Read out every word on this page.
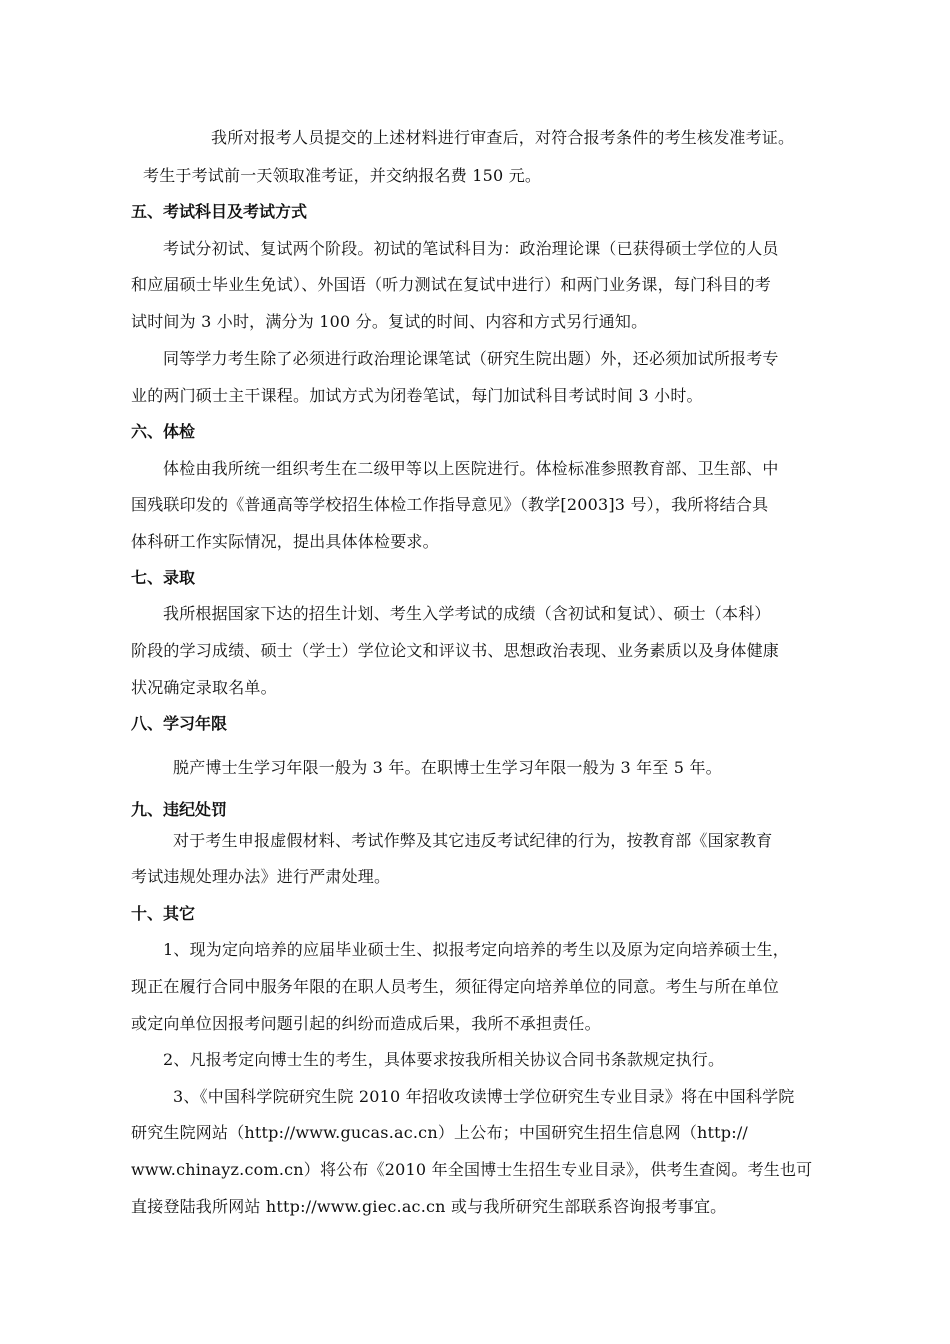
我所对报考人员提交的上述材料进行审查后，对符合报考条件的考生核发准考证。
考生于考试前一天领取准考证，并交纳报名费 150 元。
五、考试科目及考试方式
考试分初试、复试两个阶段。初试的笔试科目为：政治理论课（已获得硕士学位的人员
和应届硕士毕业生免试）、外国语（听力测试在复试中进行）和两门业务课，每门科目的考
试时间为 3 小时，满分为 100 分。复试的时间、内容和方式另行通知。
同等学力考生除了必须进行政治理论课笔试（研究生院出题）外，还必须加试所报考专
业的两门硕士主干课程。加试方式为闭卷笔试，每门加试科目考试时间 3 小时。
六、体检
体检由我所统一组织考生在二级甲等以上医院进行。体检标准参照教育部、卫生部、中
国残联印发的《普通高等学校招生体检工作指导意见》（教学[2003]3 号），我所将结合具
体科研工作实际情况，提出具体体检要求。
七、录取
我所根据国家下达的招生计划、考生入学考试的成绩（含初试和复试）、硕士（本科）
阶段的学习成绩、硕士（学士）学位论文和评议书、思想政治表现、业务素质以及身体健康
状况确定录取名单。
八、学习年限
脱产博士生学习年限一般为 3 年。在职博士生学习年限一般为 3 年至 5 年。
九、违纪处罚
对于考生申报虚假材料、考试作弊及其它违反考试纪律的行为，按教育部《国家教育
考试违规处理办法》进行严肃处理。
十、其它
1、现为定向培养的应届毕业硕士生、拟报考定向培养的考生以及原为定向培养硕士生，
现正在履行合同中服务年限的在职人员考生，须征得定向培养单位的同意。考生与所在单位
或定向单位因报考问题引起的纠纷而造成后果，我所不承担责任。
2、凡报考定向博士生的考生，具体要求按我所相关协议合同书条款规定执行。
3、《中国科学院研究生院 2010 年招收攻读博士学位研究生专业目录》将在中国科学院
研究生院网站（http://www.gucas.ac.cn）上公布；中国研究生招生信息网（http://
www.chinayz.com.cn）将公布《2010 年全国博士生招生专业目录》，供考生查阅。考生也可
直接登陆我所网站 http://www.giec.ac.cn 或与我所研究生部联系咨询报考事宜。
